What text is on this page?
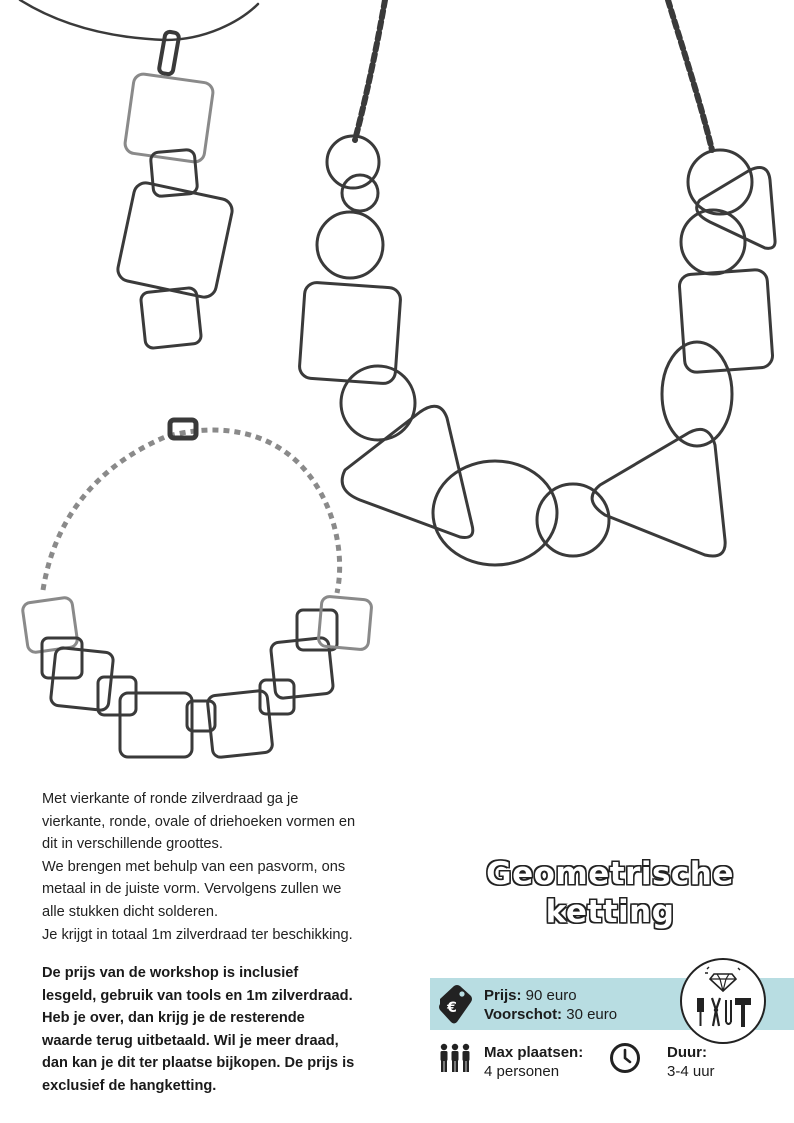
Met vierkante of ronde zilverdraad ga je

vierkante, ronde, ovale of driehoeken vormen en

dit in verschillende groottes.

We brengen met behulp van een pasvorm, ons

metaal in de juiste vorm. Vervolgens zullen we

alle stukken dicht solderen.

Je krijgt in totaal 1m zilverdraad ter beschikking.

De prijs van de workshop is inclusief

lesgeld, gebruik van tools en 1m zilverdraad.

Heb je over, dan krijg je de resterende

waarde terug uitbetaald. Wil je meer draad,

dan kan je dit ter plaatse bijkopen. De prijs is

exclusief de hangketting.

Geometrische
ketting
€
Prijs: 90 euro
Voorschot: 30 euro
Max plaatsen:
4 personen
Duur:
3-4 uur
